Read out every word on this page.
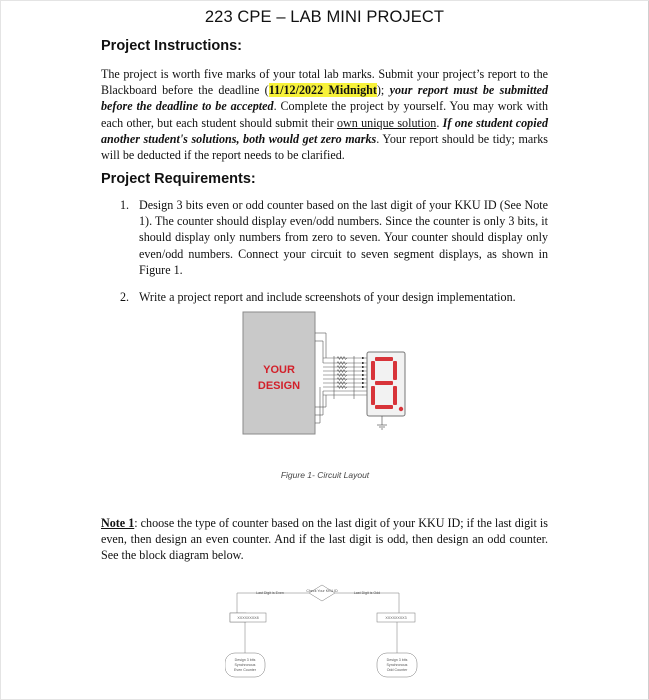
223 CPE – LAB MINI PROJECT
Project Instructions:
The project is worth five marks of your total lab marks. Submit your project’s report to the Blackboard before the deadline (11/12/2022 Midnight); your report must be submitted before the deadline to be accepted. Complete the project by yourself. You may work with each other, but each student should submit their own unique solution. If one student copied another student's solutions, both would get zero marks. Your report should be tidy; marks will be deducted if the report needs to be clarified.
Project Requirements:
1. Design 3 bits even or odd counter based on the last digit of your KKU ID (See Note 1). The counter should display even/odd numbers. Since the counter is only 3 bits, it should display only numbers from zero to seven. Your counter should display only even/odd numbers. Connect your circuit to seven segment displays, as shown in Figure 1.
2. Write a project report and include screenshots of your design implementation.
YOUR
DESIGN
Figure 1- Circuit Layout
Note 1: choose the type of counter based on the last digit of your KKU ID; if the last digit is even, then design an even counter. And if the last digit is odd, then design an odd counter. See the block diagram below.
Check Your KKU ID
Last Digit is Even	Last Digit is Odd
XXXXXXXX8	XXXXXXXX3
Design 3 bits
Synchronous
Even Counter
Design 3 bits
Synchronous
Odd Counter
